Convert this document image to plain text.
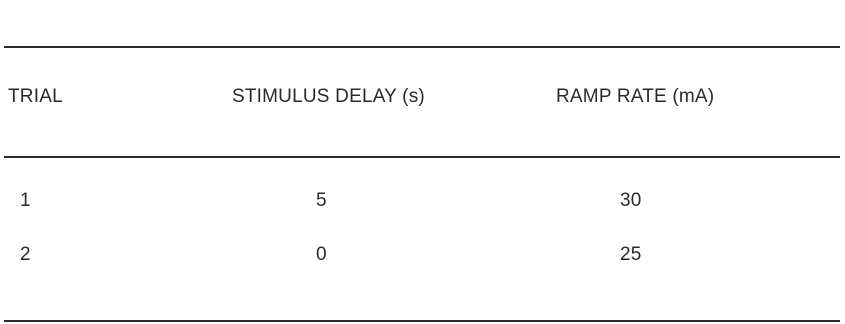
TRIAL	STIMULUS DELAY (s)	RAMP RATE (mA)
1	5	30
2	0	25
